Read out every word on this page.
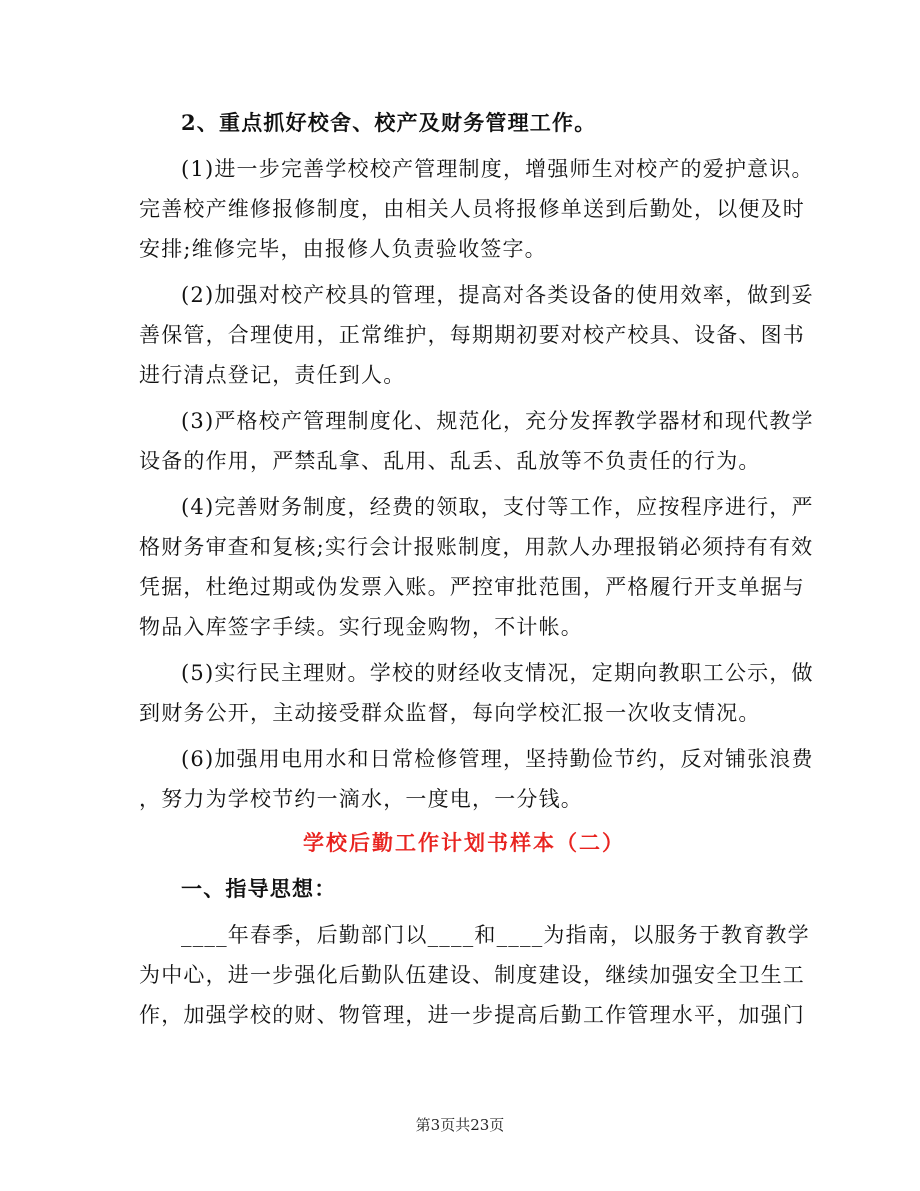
2、重点抓好校舍、校产及财务管理工作。
(1)进一步完善学校校产管理制度，增强师生对校产的爱护意识。
完善校产维修报修制度，由相关人员将报修单送到后勤处，以便及时
安排;维修完毕，由报修人负责验收签字。
(2)加强对校产校具的管理，提高对各类设备的使用效率，做到妥
善保管，合理使用，正常维护，每期期初要对校产校具、设备、图书
进行清点登记，责任到人。
(3)严格校产管理制度化、规范化，充分发挥教学器材和现代教学
设备的作用，严禁乱拿、乱用、乱丢、乱放等不负责任的行为。
(4)完善财务制度，经费的领取，支付等工作，应按程序进行，严
格财务审查和复核;实行会计报账制度，用款人办理报销必须持有有效
凭据，杜绝过期或伪发票入账。严控审批范围，严格履行开支单据与
物品入库签字手续。实行现金购物，不计帐。
(5)实行民主理财。学校的财经收支情况，定期向教职工公示，做
到财务公开，主动接受群众监督，每向学校汇报一次收支情况。
(6)加强用电用水和日常检修管理，坚持勤俭节约，反对铺张浪费
，努力为学校节约一滴水，一度电，一分钱。
学校后勤工作计划书样本（二）
一、指导思想：
____年春季，后勤部门以____和____为指南，以服务于教育教学
为中心，进一步强化后勤队伍建设、制度建设，继续加强安全卫生工
作，加强学校的财、物管理，进一步提高后勤工作管理水平，加强门
第3页共23页
